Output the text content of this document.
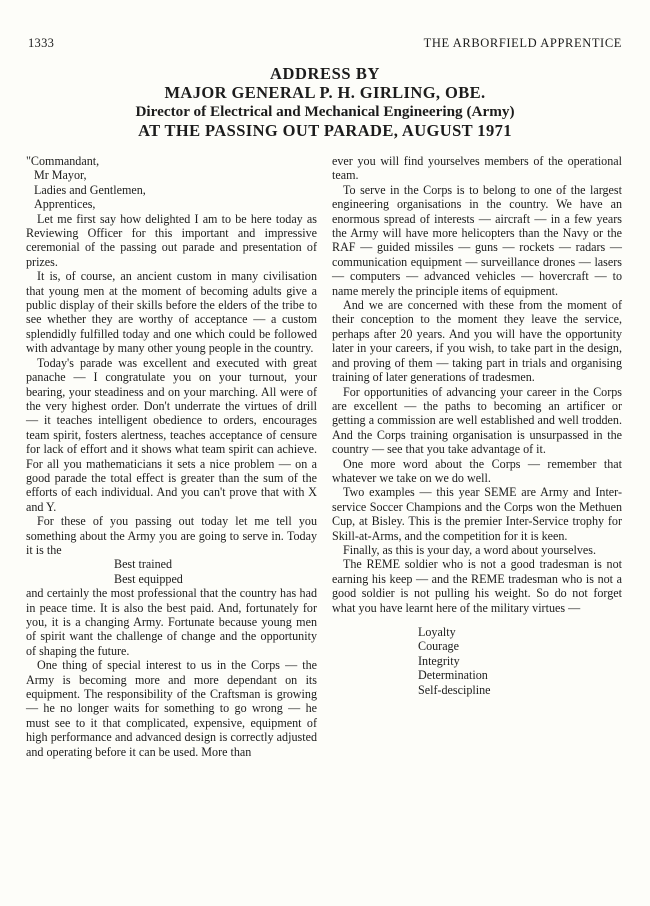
1333	THE ARBORFIELD APPRENTICE
ADDRESS BY
MAJOR GENERAL P. H. GIRLING, OBE.
Director of Electrical and Mechanical Engineering (Army)
AT THE PASSING OUT PARADE, AUGUST 1971

"Commandant,

Mr Mayor,

Ladies and Gentlemen,

Apprentices,

Let me first say how delighted I am to be here today as Reviewing Officer for this important and impressive ceremonial of the passing out parade and presentation of prizes.

It is, of course, an ancient custom in many civilisation that young men at the moment of becoming adults give a public display of their skills before the elders of the tribe to see whether they are worthy of acceptance — a custom splendidly fulfilled today and one which could be followed with advantage by many other young people in the country.

Today's parade was excellent and executed with great panache — I congratulate you on your turnout, your bearing, your steadiness and on your marching. All were of the very highest order. Don't underrate the virtues of drill — it teaches intelligent obedience to orders, encourages team spirit, fosters alertness, teaches acceptance of censure for lack of effort and it shows what team spirit can achieve. For all you mathematicians it sets a nice problem — on a good parade the total effect is greater than the sum of the efforts of each individual. And you can't prove that with X and Y.

For these of you passing out today let me tell you something about the Army you are going to serve in. Today it is the

Best trained

Best equipped

and certainly the most professional that the country has had in peace time. It is also the best paid. And, fortunately for you, it is a changing Army. Fortunate because young men of spirit want the challenge of change and the opportunity of shaping the future.

One thing of special interest to us in the Corps — the Army is becoming more and more dependant on its equipment. The responsibility of the Craftsman is growing — he no longer waits for something to go wrong — he must see to it that complicated, expensive, equipment of high performance and advanced design is correctly adjusted and operating before it can be used. More than

ever you will find yourselves members of the operational team.

To serve in the Corps is to belong to one of the largest engineering organisations in the country. We have an enormous spread of interests — aircraft — in a few years the Army will have more helicopters than the Navy or the RAF — guided missiles — guns — rockets — radars — communication equipment — surveillance drones — lasers — computers — advanced vehicles — hovercraft — to name merely the principle items of equipment.

And we are concerned with these from the moment of their conception to the moment they leave the service, perhaps after 20 years. And you will have the opportunity later in your careers, if you wish, to take part in the design, and proving of them — taking part in trials and organising training of later generations of tradesmen.

For opportunities of advancing your career in the Corps are excellent — the paths to becoming an artificer or getting a commission are well established and well trodden. And the Corps training organisation is unsurpassed in the country — see that you take advantage of it.

One more word about the Corps — remember that whatever we take on we do well.

Two examples — this year SEME are Army and Inter-service Soccer Champions and the Corps won the Methuen Cup, at Bisley. This is the premier Inter-Service trophy for Skill-at-Arms, and the competition for it is keen.

Finally, as this is your day, a word about yourselves.

The REME soldier who is not a good tradesman is not earning his keep — and the REME tradesman who is not a good soldier is not pulling his weight. So do not forget what you have learnt here of the military virtues —

Loyalty
Courage
Integrity
Determination
Self-descipline
